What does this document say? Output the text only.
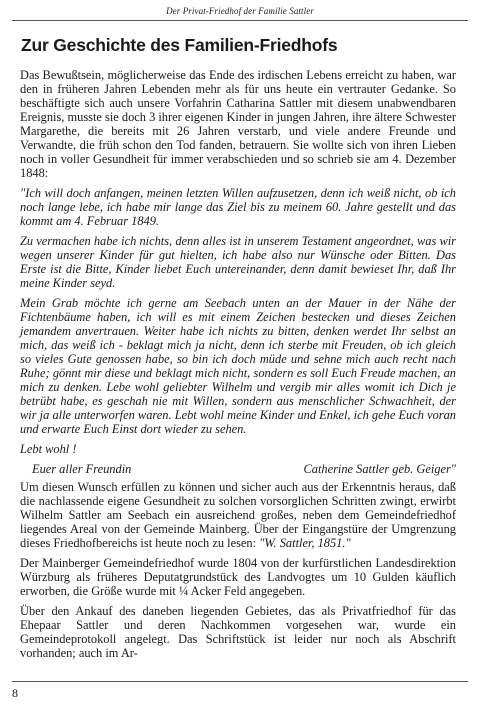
Der Privat-Friedhof der Familie Sattler
Zur Geschichte des Familien-Friedhofs

Das Bewußtsein, möglicherweise das Ende des irdischen Lebens erreicht zu haben, war den in früheren Jahren Lebenden mehr als für uns heute ein vertrauter Gedanke. So beschäftigte sich auch unsere Vorfahrin Catharina Sattler mit diesem unabwendbaren Ereignis, musste sie doch 3 ihrer eigenen Kinder in jungen Jahren, ihre ältere Schwester Margarethe, die bereits mit 26 Jahren verstarb, und viele andere Freunde und Verwandte, die früh schon den Tod fanden, betrauern. Sie wollte sich von ihren Lieben noch in voller Gesundheit für immer verabschieden und so schrieb sie am 4. Dezember 1848:

"Ich will doch anfangen, meinen letzten Willen aufzusetzen, denn ich weiß nicht, ob ich noch lange lebe, ich habe mir lange das Ziel bis zu meinem 60. Jahre gestellt und das kommt am 4. Februar 1849.

Zu vermachen habe ich nichts, denn alles ist in unserem Testament angeordnet, was wir wegen unserer Kinder für gut hielten, ich habe also nur Wünsche oder Bitten. Das Erste ist die Bitte, Kinder liebet Euch untereinander, denn damit bewieset Ihr, daß Ihr meine Kinder seyd.

Mein Grab möchte ich gerne am Seebach unten an der Mauer in der Nähe der Fichtenbäume haben, ich will es mit einem Zeichen bestecken und dieses Zeichen jemandem anvertrauen. Weiter habe ich nichts zu bitten, denken werdet Ihr selbst an mich, das weiß ich - beklagt mich ja nicht, denn ich sterbe mit Freuden, ob ich gleich so vieles Gute genossen habe, so bin ich doch müde und sehne mich auch recht nach Ruhe; gönnt mir diese und beklagt mich nicht, sondern es soll Euch Freude machen, an mich zu denken. Lebe wohl geliebter Wilhelm und vergib mir alles womit ich Dich je betrübt habe, es geschah nie mit Willen, sondern aus menschlicher Schwachheit, der wir ja alle unterworfen waren. Lebt wohl meine Kinder und Enkel, ich gehe Euch voran und erwarte Euch Einst dort wieder zu sehen.

Lebt wohl !

Euer aller Freundin	Catherine Sattler geb. Geiger"

Um diesen Wunsch erfüllen zu können und sicher auch aus der Erkenntnis heraus, daß die nachlassende eigene Gesundheit zu solchen vorsorglichen Schritten zwingt, erwirbt Wilhelm Sattler am Seebach ein ausreichend großes, neben dem Gemeindefriedhof liegendes Areal von der Gemeinde Mainberg. Über der Eingangstüre der Umgrenzung dieses Friedhofbereichs ist heute noch zu lesen: "W. Sattler, 1851."

Der Mainberger Gemeindefriedhof wurde 1804 von der kurfürstlichen Landesdirektion Würzburg als früheres Deputatgrundstück des Landvogtes um 10 Gulden käuflich erworben, die Größe wurde mit ¼ Acker Feld angegeben.

Über den Ankauf des daneben liegenden Gebietes, das als Privatfriedhof für das Ehepaar Sattler und deren Nachkommen vorgesehen war, wurde ein Gemeindeprotokoll angelegt. Das Schriftstück ist leider nur noch als Abschrift vorhanden; auch im Ar-

8
